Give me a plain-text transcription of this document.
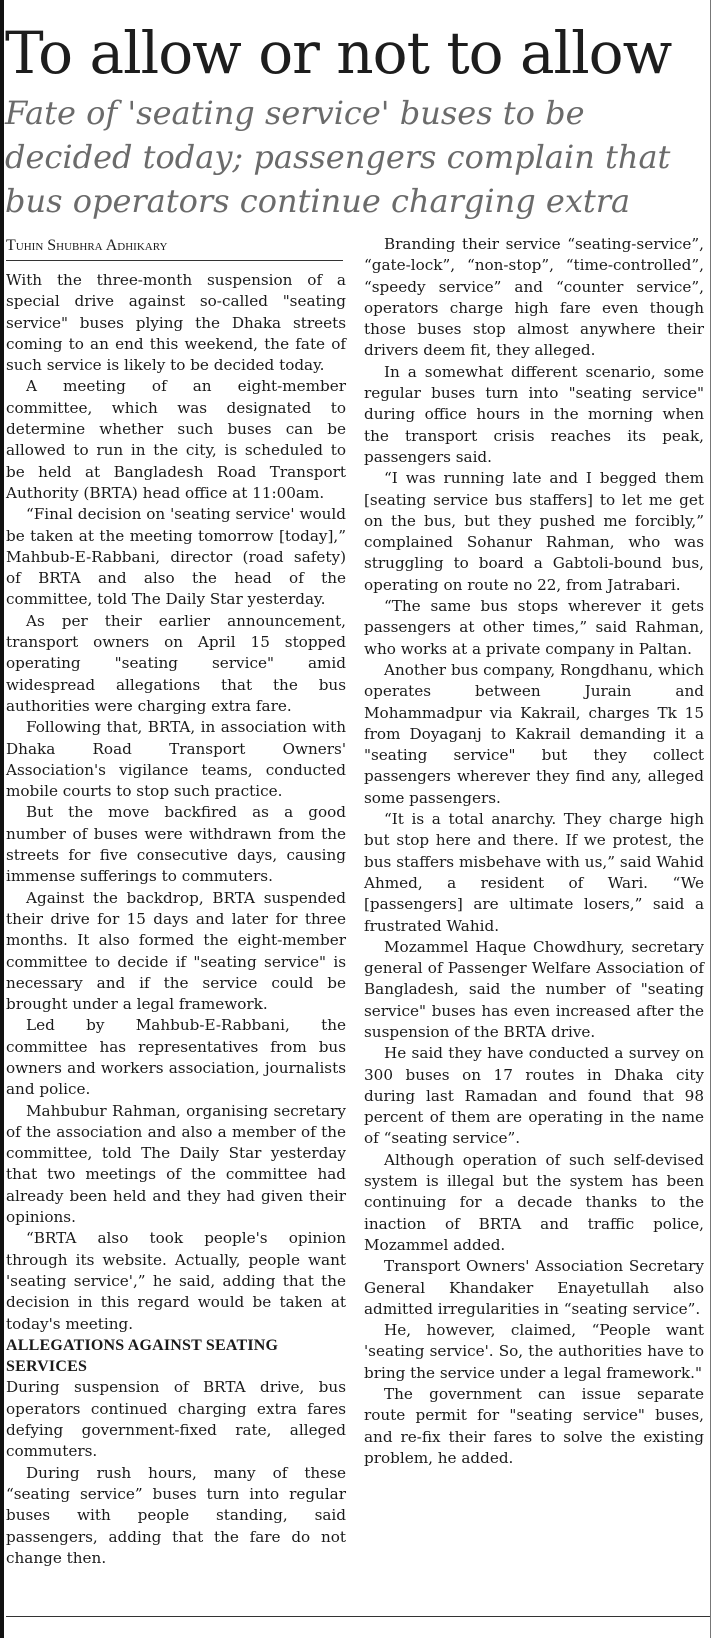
To allow or not to allow
Fate of 'seating service' buses to be decided today; passengers complain that bus operators continue charging extra
Tuhin Shubhra Adhikary

With the three-month suspension of a special drive against so-called "seating service" buses plying the Dhaka streets coming to an end this weekend, the fate of such service is likely to be decided today.

A meeting of an eight-member committee, which was designated to determine whether such buses can be allowed to run in the city, is scheduled to be held at Bangladesh Road Transport Authority (BRTA) head office at 11:00am.

“Final decision on 'seating service' would be taken at the meeting tomorrow [today],” Mahbub-E-Rabbani, director (road safety) of BRTA and also the head of the committee, told The Daily Star yesterday.

As per their earlier announcement, transport owners on April 15 stopped operating "seating service" amid widespread allegations that the bus authorities were charging extra fare.

Following that, BRTA, in association with Dhaka Road Transport Owners' Association's vigilance teams, conducted mobile courts to stop such practice.

But the move backfired as a good number of buses were withdrawn from the streets for five consecutive days, causing immense sufferings to commuters.

Against the backdrop, BRTA suspended their drive for 15 days and later for three months. It also formed the eight-member committee to decide if "seating service" is necessary and if the service could be brought under a legal framework.

Led by Mahbub-E-Rabbani, the committee has representatives from bus owners and workers association, journalists and police.

Mahbubur Rahman, organising secretary of the association and also a member of the committee, told The Daily Star yesterday that two meetings of the committee had already been held and they had given their opinions.

“BRTA also took people's opinion through its website. Actually, people want 'seating service',” he said, adding that the decision in this regard would be taken at today's meeting.

ALLEGATIONS AGAINST SEATING SERVICES

During suspension of BRTA drive, bus operators continued charging extra fares defying government-fixed rate, alleged commuters.

During rush hours, many of these “seating service” buses turn into regular buses with people standing, said passengers, adding that the fare do not change then.

Branding their service “seating-service”, “gate-lock”, “non-stop”, “time-controlled”, “speedy service” and “counter service”, operators charge high fare even though those buses stop almost anywhere their drivers deem fit, they alleged.

In a somewhat different scenario, some regular buses turn into "seating service" during office hours in the morning when the transport crisis reaches its peak, passengers said.

“I was running late and I begged them [seating service bus staffers] to let me get on the bus, but they pushed me forcibly,” complained Sohanur Rahman, who was struggling to board a Gabtoli-bound bus, operating on route no 22, from Jatrabari.

“The same bus stops wherever it gets passengers at other times,” said Rahman, who works at a private company in Paltan.

Another bus company, Rongdhanu, which operates between Jurain and Mohammadpur via Kakrail, charges Tk 15 from Doyaganj to Kakrail demanding it a "seating service" but they collect passengers wherever they find any, alleged some passengers.

“It is a total anarchy. They charge high but stop here and there. If we protest, the bus staffers misbehave with us,” said Wahid Ahmed, a resident of Wari. “We [passengers] are ultimate losers,” said a frustrated Wahid.

Mozammel Haque Chowdhury, secretary general of Passenger Welfare Association of Bangladesh, said the number of "seating service" buses has even increased after the suspension of the BRTA drive.

He said they have conducted a survey on 300 buses on 17 routes in Dhaka city during last Ramadan and found that 98 percent of them are operating in the name of “seating service”.

Although operation of such self-devised system is illegal but the system has been continuing for a decade thanks to the inaction of BRTA and traffic police, Mozammel added.

Transport Owners' Association Secretary General Khandaker Enayetullah also admitted irregularities in “seating service”.

He, however, claimed, “People want 'seating service'. So, the authorities have to bring the service under a legal framework."

The government can issue separate route permit for "seating service" buses, and re-fix their fares to solve the existing problem, he added.
